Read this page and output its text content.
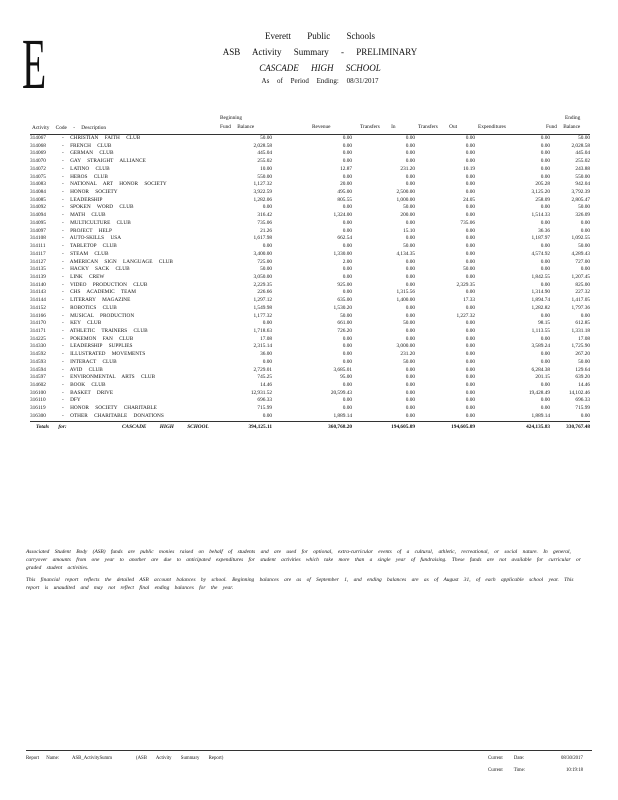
E	Everett Public Schools
ASB Activity Summary - PRELIMINARY
CASCADE HIGH SCHOOL
As of Period Ending: 08/31/2017
Activity Code - Description
Beginning
Fund Balance	Revenue	Transfers In	Transfers Out	Expenditures
Ending
Fund Balance
314067	- CHRISTIAN FAITH CLUB	50.00	0.00	0.00	0.00	0.00	50.00
314068	- FRENCH CLUB	2,028.58	0.00	0.00	0.00	0.00	2,028.58
314069	- GERMAN CLUB	445.04	0.00	0.00	0.00	0.00	445.04
314070	- GAY STRAIGHT ALLIANCE	255.02	0.00	0.00	0.00	0.00	255.02
314072	- LATINO CLUB	10.00	12.87	231.20	10.19	0.00	243.88
314075	- HEROS CLUB	550.00	0.00	0.00	0.00	0.00	550.00
314083	- NATIONAL ART HONOR SOCIETY	1,127.32	20.00	0.00	0.00	205.28	942.04
314084	- HONOR SOCIETY	3,922.59	495.00	2,500.00	0.00	3,125.20	3,792.39
314085	- LEADERSHIP	1,282.06	805.55	1,000.00	24.05	258.09	2,805.47
314092	- SPOKEN WORD CLUB	0.00	0.00	50.00	0.00	0.00	50.00
314094	- MATH CLUB	316.42	1,324.00	200.00	0.00	1,514.33	326.09
314095	- MULTICULTURE CLUB	735.06	0.00	0.00	735.06	0.00	0.00
314097	- PROJECT HELP	21.26	0.00	15.10	0.00	36.36	0.00
314108	- AUTO-SKILLS USA	1,617.98	662.54	0.00	0.00	1,187.97	1,092.55
314111	- TABLETOP CLUB	0.00	0.00	50.00	0.00	0.00	50.00
314117	- STEAM CLUB	3,400.00	1,330.00	4,134.35	0.00	4,574.92	4,289.43
314127	- AMERICAN SIGN LANGUAGE CLUB	725.00	2.00	0.00	0.00	0.00	727.00
314135	- HACKY SACK CLUB	50.00	0.00	0.00	50.00	0.00	0.00
314139	- LINK CREW	3,050.00	0.00	0.00	0.00	1,842.55	1,207.45
314140	- VIDEO PRODUCTION CLUB	2,229.35	925.00	0.00	2,329.35	0.00	825.00
314143	- CHS ACADEMIC TEAM	226.66	0.00	1,315.56	0.00	1,314.90	227.32
314144	- LITERARY MAGAZINE	1,297.12	635.00	1,400.00	17.33	1,894.74	1,417.05
314152	- ROBOTICS CLUB	1,549.98	1,530.20	0.00	0.00	1,282.82	1,797.36
314166	- MUSICAL PRODUCTION	1,177.32	50.00	0.00	1,227.32	0.00	0.00
314170	- KEY CLUB	0.00	661.00	50.00	0.00	98.15	612.85
314171	- ATHLETIC TRAINERS CLUB	1,718.63	726.20	0.00	0.00	1,113.55	1,331.18
314225	- POKEMON FAN CLUB	17.08	0.00	0.00	0.00	0.00	17.08
314330	- LEADERSHIP SUPPLIES	2,315.14	0.00	3,000.00	0.00	3,589.24	1,725.90
314592	- ILLUSTRATED MOVEMENTS	36.00	0.00	231.20	0.00	0.00	267.20
314593	- INTERACT CLUB	0.00	0.00	50.00	0.00	0.00	50.00
314594	- AVID CLUB	2,729.01	3,685.01	0.00	0.00	6,284.38	129.64
314597	- ENVIRONMENTAL ARTS CLUB	745.25	95.00	0.00	0.00	201.15	639.20
314602	- BOOK CLUB	14.46	0.00	0.00	0.00	0.00	14.46
316100	- BASKET DRIVE	12,931.52	20,599.43	0.00	0.00	19,428.49	14,102.46
316110	- DFY	696.33	0.00	0.00	0.00	0.00	696.33
316119	- HONOR SOCIETY CHARITABLE	715.99	0.00	0.00	0.00	0.00	715.99
316300	- OTHER CHARITABLE DONATIONS	0.00	1,889.14	0.00	0.00	1,889.14	0.00
Totals for:	CASCADE HIGH SCHOOL	394,125.11	360,768.20	194,605.09	194,605.09	424,135.83	330,767.48

Associated Student Body (ASB) funds are public monies raised on behalf of students and are used for optional, extra-curricular events of a cultural, athletic, recreational, or social nature. In general, carryover amounts from one year to another are due to anticipated expenditures for student activities which take more than a single year of fundraising. These funds are not available for curricular or graded student activities.

This financial report reflects the detailed ASB account balances by school. Beginning balances are as of September 1, and ending balances are as of August 31, of each applicable school year. This report is unaudited and may not reflect final ending balances for the year.

Report Name:	ASB_ActivitySumm	(ASB Activity Summary Report)	Current Date:	08/30/2017
Current Time:	10:19:18
